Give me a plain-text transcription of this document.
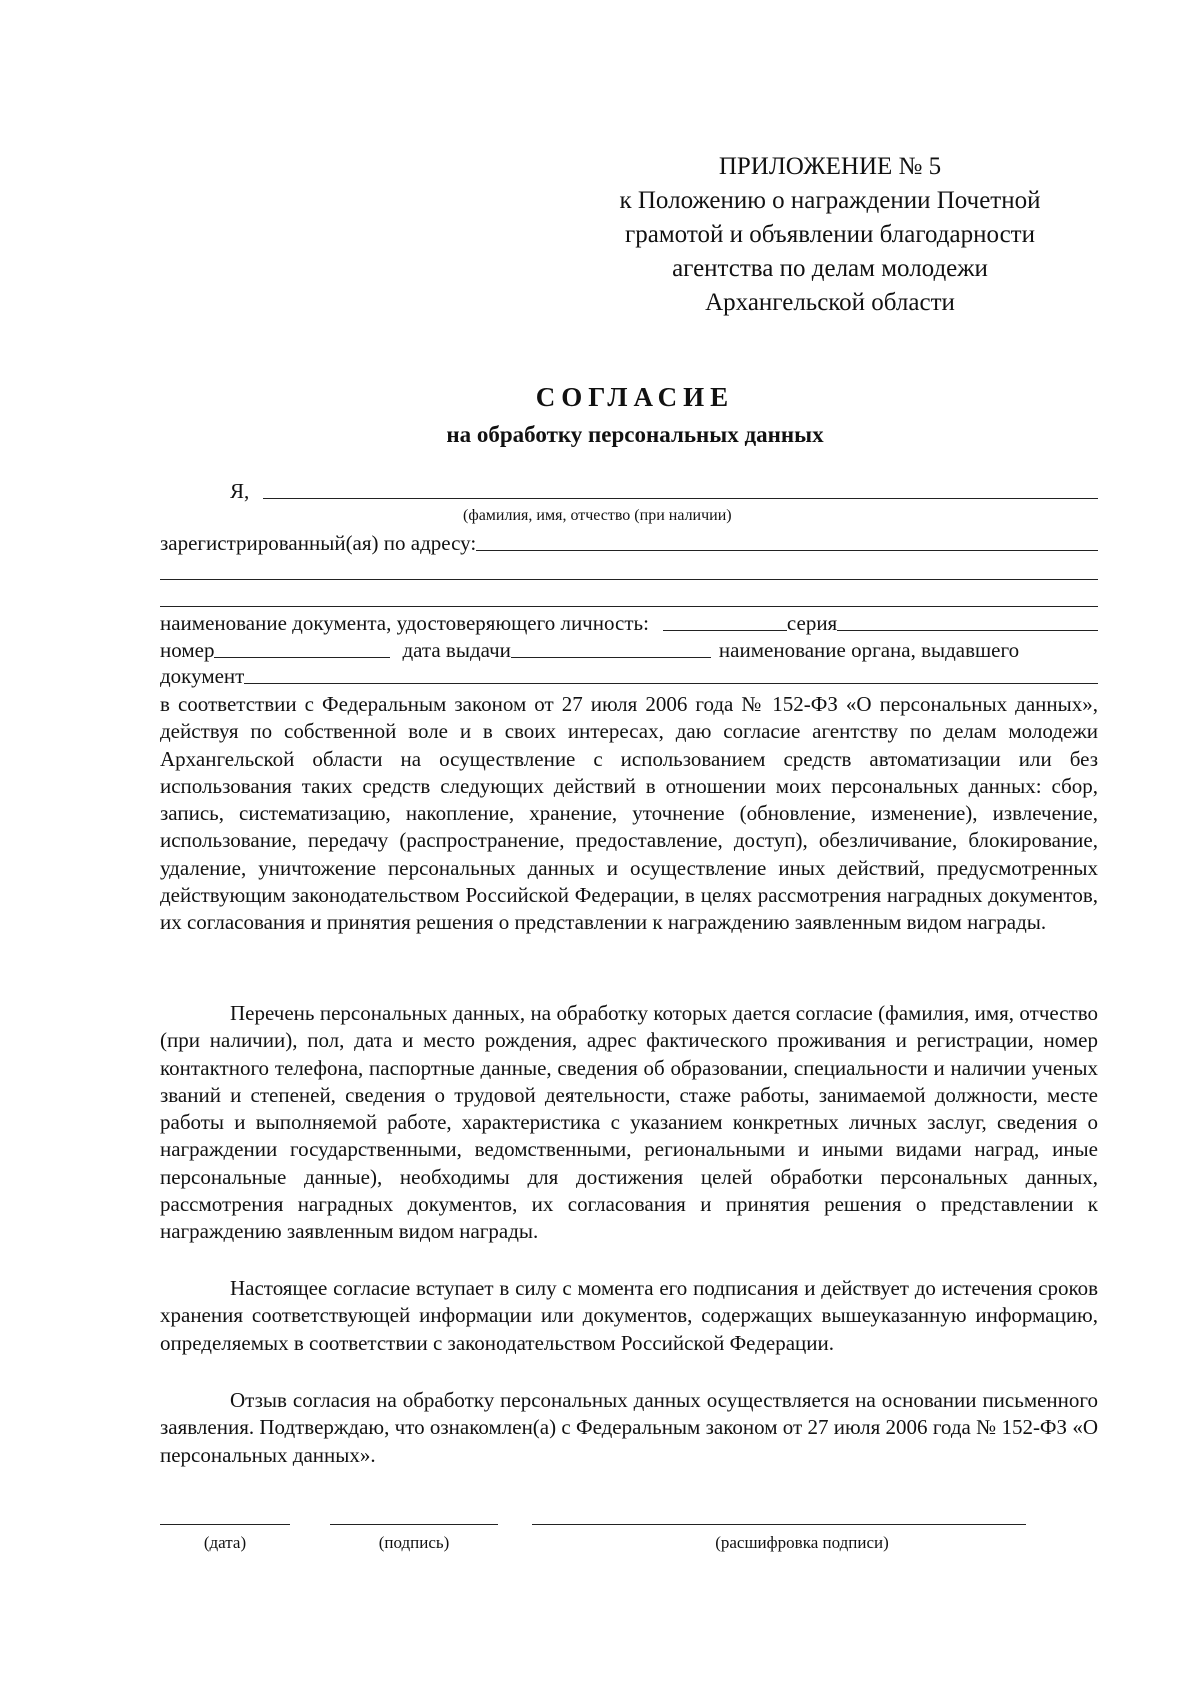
ПРИЛОЖЕНИЕ № 5
к Положению о награждении Почетной
грамотой и объявлении благодарности
агентства по делам молодежи
Архангельской области
СОГЛАСИЕ
на обработку персональных данных
Я,
(фамилия, имя, отчество (при наличии)
зарегистрированный(ая) по адресу:
наименование документа, удостоверяющего личность:	серия
номер	дата выдачи	наименование органа, выдавшего
документ

в соответствии с Федеральным законом от 27 июля 2006 года № 152-ФЗ «О персональных данных», действуя по собственной воле и в своих интересах, даю согласие агентству по делам молодежи Архангельской области на осуществление с использованием средств автоматизации или без использования таких средств следующих действий в отношении моих персональных данных: сбор, запись, систематизацию, накопление, хранение, уточнение (обновление, изменение), извлечение, использование, передачу (распространение, предоставление, доступ), обезличивание, блокирование, удаление, уничтожение персональных данных и осуществление иных действий, предусмотренных действующим законодательством Российской Федерации, в целях рассмотрения наградных документов, их согласования и принятия решения о представлении к награждению заявленным видом награды.

Перечень персональных данных, на обработку которых дается согласие (фамилия, имя, отчество (при наличии), пол, дата и место рождения, адрес фактического проживания и регистрации, номер контактного телефона, паспортные данные, сведения об образовании, специальности и наличии ученых званий и степеней, сведения о трудовой деятельности, стаже работы, занимаемой должности, месте работы и выполняемой работе, характеристика с указанием конкретных личных заслуг, сведения о награждении государственными, ведомственными, региональными и иными видами наград, иные персональные данные), необходимы для достижения целей обработки персональных данных, рассмотрения наградных документов, их согласования и принятия решения о представлении к награждению заявленным видом награды.

Настоящее согласие вступает в силу с момента его подписания и действует до истечения сроков хранения соответствующей информации или документов, содержащих вышеуказанную информацию, определяемых в соответствии с законодательством Российской Федерации.

Отзыв согласия на обработку персональных данных осуществляется на основании письменного заявления. Подтверждаю, что ознакомлен(а) с Федеральным законом от 27 июля 2006 года № 152-ФЗ «О персональных данных».

(дата)	(подпись)	(расшифровка подписи)
